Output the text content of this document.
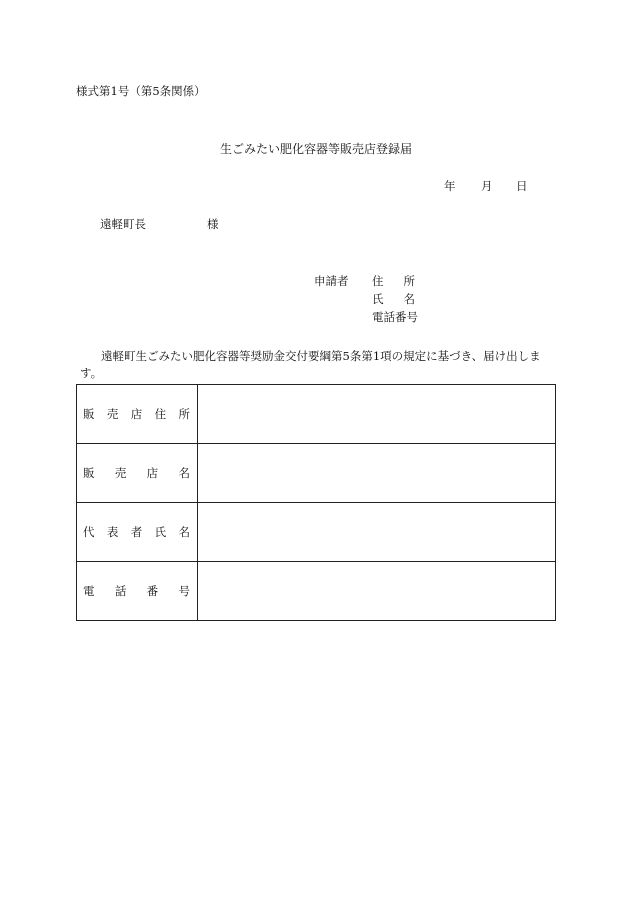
様式第1号（第5条関係）
生ごみたい肥化容器等販売店登録届
年 月 日
遠軽町長	様
申請者 住所
氏名
電話番号
遠軽町生ごみたい肥化容器等奨励金交付要綱第5条第1項の規定に基づき、届け出します。
販 売 店 住 所	

販 売 店 名	

代 表 者 氏 名	

電 話 番 号	
